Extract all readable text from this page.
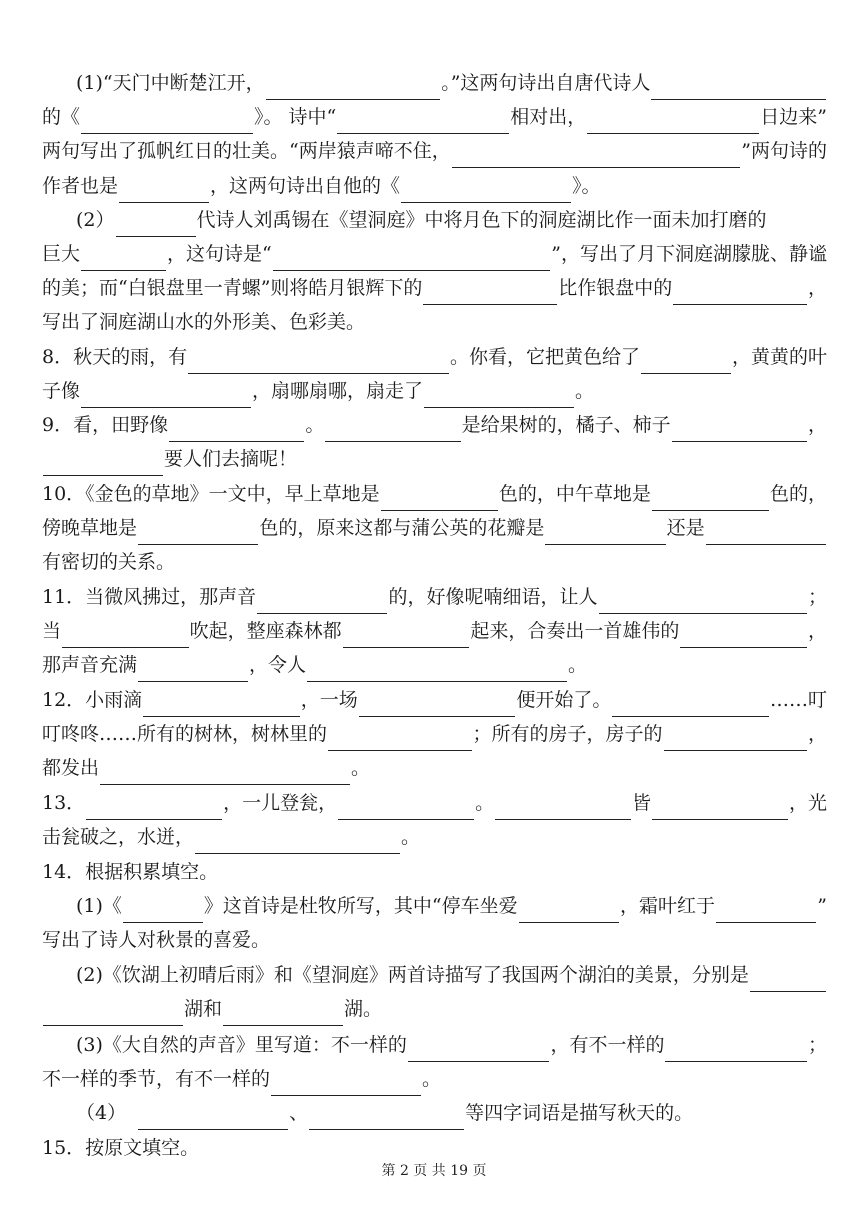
(1)“天门中断楚江开，	。”这两句诗出自唐代诗人
的《	》。 诗中“	相对出，	日边来”
两句写出了孤帆红日的壮美。“两岸猿声啼不住，	”两句诗的
作者也是	，这两句诗出自他的《	》。
(2）	代诗人刘禹锡在《望洞庭》中将月色下的洞庭湖比作一面未加打磨的
巨大	，这句诗是“	”，写出了月下洞庭湖朦胧、静谧
的美；而“白银盘里一青螺”则将皓月银辉下的	比作银盘中的	，
写出了洞庭湖山水的外形美、色彩美。
8．秋天的雨，有	。你看，它把黄色给了	，黄黄的叶
子像	，扇哪扇哪，扇走了	。
9．看，田野像	。	是给果树的，橘子、柿子	，
要人们去摘呢！
10．《金色的草地》一文中，早上草地是	色的，中午草地是	色的，
傍晚草地是	色的，原来这都与蒲公英的花瓣是	还是
有密切的关系。
11．当微风拂过，那声音	的，好像呢喃细语，让人	；
当	吹起，整座森林都	起来，合奏出一首雄伟的	，
那声音充满	，令人	。
12．小雨滴	，一场	便开始了。	……叮
叮咚咚……所有的树林，树林里的	；所有的房子，房子的	，
都发出	。
13．	，一儿登瓮，	。	皆	，光
击瓮破之，水迸，	。
14．根据积累填空。
(1)《	》这首诗是杜牧所写，其中“停车坐爱	，霜叶红于	”
写出了诗人对秋景的喜爱。
(2)《饮湖上初晴后雨》和《望洞庭》两首诗描写了我国两个湖泊的美景，分别是
湖和	湖。
(3)《大自然的声音》里写道：不一样的	，有不一样的	；
不一样的季节，有不一样的	。
（4）	、	等四字词语是描写秋天的。
15．按原文填空。
第 2 页 共 19 页
